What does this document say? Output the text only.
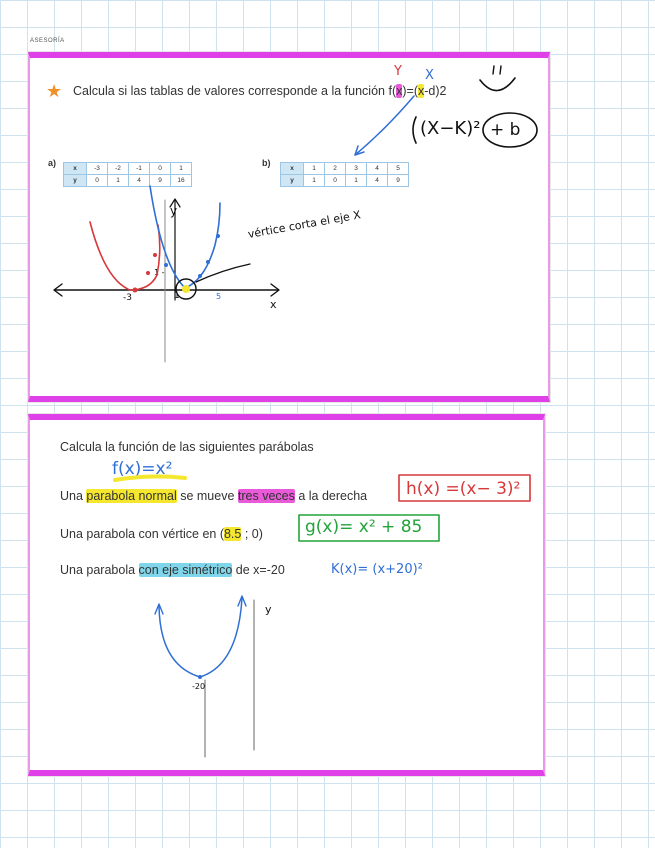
ASESORÍA
★ Calcula si las tablas de valores corresponde a la función f(x)=(x-d)2
a)
x	-3	-2	-1	0	1
y	0	1	4	9	16
b)
x	1	2	3	4	5
y	1	0	1	4	9
Y X
(X−K)² + b
y
x
-3	1	5
1 -
vértice corta el eje X
Calcula la función de las siguientes parábolas
Una parabola normal se mueve tres veces a la derecha
Una parabola con vértice en (8.5 ; 0)
Una parabola con eje simétrico de x=-20
f(x)=x²
h(x) =(x− 3)²
g(x)= x² + 85
K(x)= (x+20)²
y
-20
